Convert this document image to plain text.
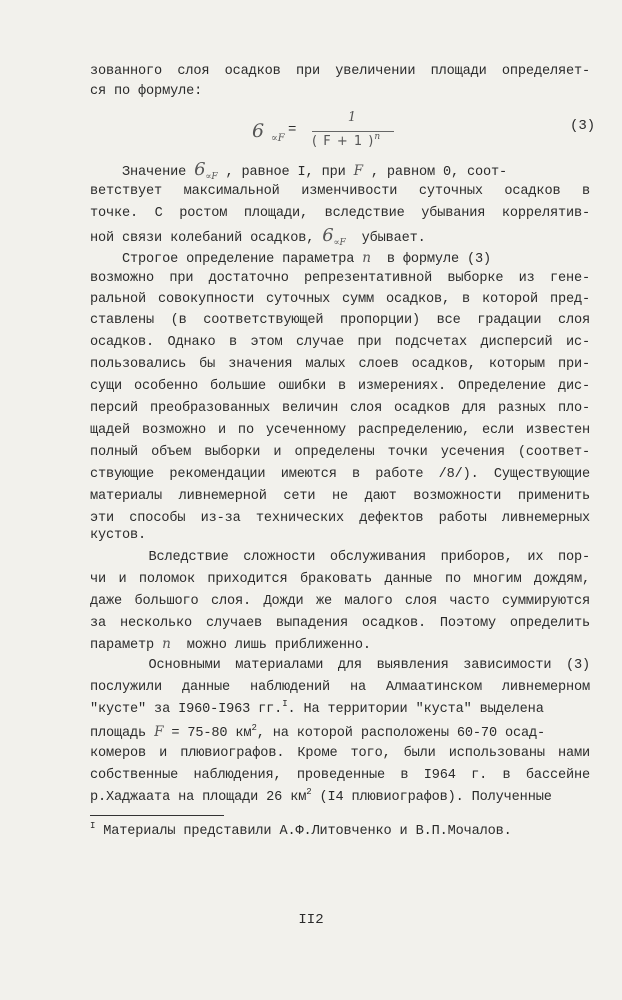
зованного слоя осадков при увеличении площади определяет-
ся по формуле:
6 ∝F
=
1
( F + 1 )$^n$
(3)
Значение $6_{\propto F}$ , равное I, при F , равном 0, соот-
ветствует максимальной изменчивости суточных осадков в
точке. С ростом площади, вследствие убывания коррелятив-
ной связи колебаний осадков, $6_{\propto F}$  убывает.
Строгое определение параметра n  в формуле (3)
возможно при достаточно репрезентативной выборке из гене-
ральной совокупности суточных сумм осадков, в которой пред-
ставлены (в соответствующей пропорции) все градации слоя
осадков. Однако в этом случае при подсчетах дисперсий ис-
пользовались бы значения малых слоев осадков, которым при-
сущи особенно большие ошибки в измерениях. Определение дис-
персий преобразованных величин слоя осадков для разных пло-
щадей возможно и по усеченному распределению, если известен
полный объем выборки и определены точки усечения (соответ-
ствующие рекомендации имеются в работе /8/). Существующие
материалы ливнемерной сети не дают возможности применить
эти способы из-за технических дефектов работы ливнемерных
кустов.
Вследствие сложности обслуживания приборов, их пор-
чи и поломок приходится браковать данные по многим дождям,
даже большого слоя. Дожди же малого слоя часто суммируются
за несколько случаев выпадения осадков. Поэтому определить
параметр n  можно лишь приближенно.
Основными материалами для выявления зависимости (3)
послужили данные наблюдений на Алмаатинском ливнемерном
"кусте" за I960-I963 гг.$^I$. На территории "куста" выделена
площадь F = 75-80 $км^2$, на которой расположены 60-70 осад-
комеров и плювиографов. Кроме того, были использованы нами
собственные наблюдения, проведенные в I964 г. в бассейне
р.Хаджаата на площади 26 $км^2$ (I4 плювиографов). Полученные
$^I$ Материалы представили А.Ф.Литовченко и В.П.Мочалов.
II2
